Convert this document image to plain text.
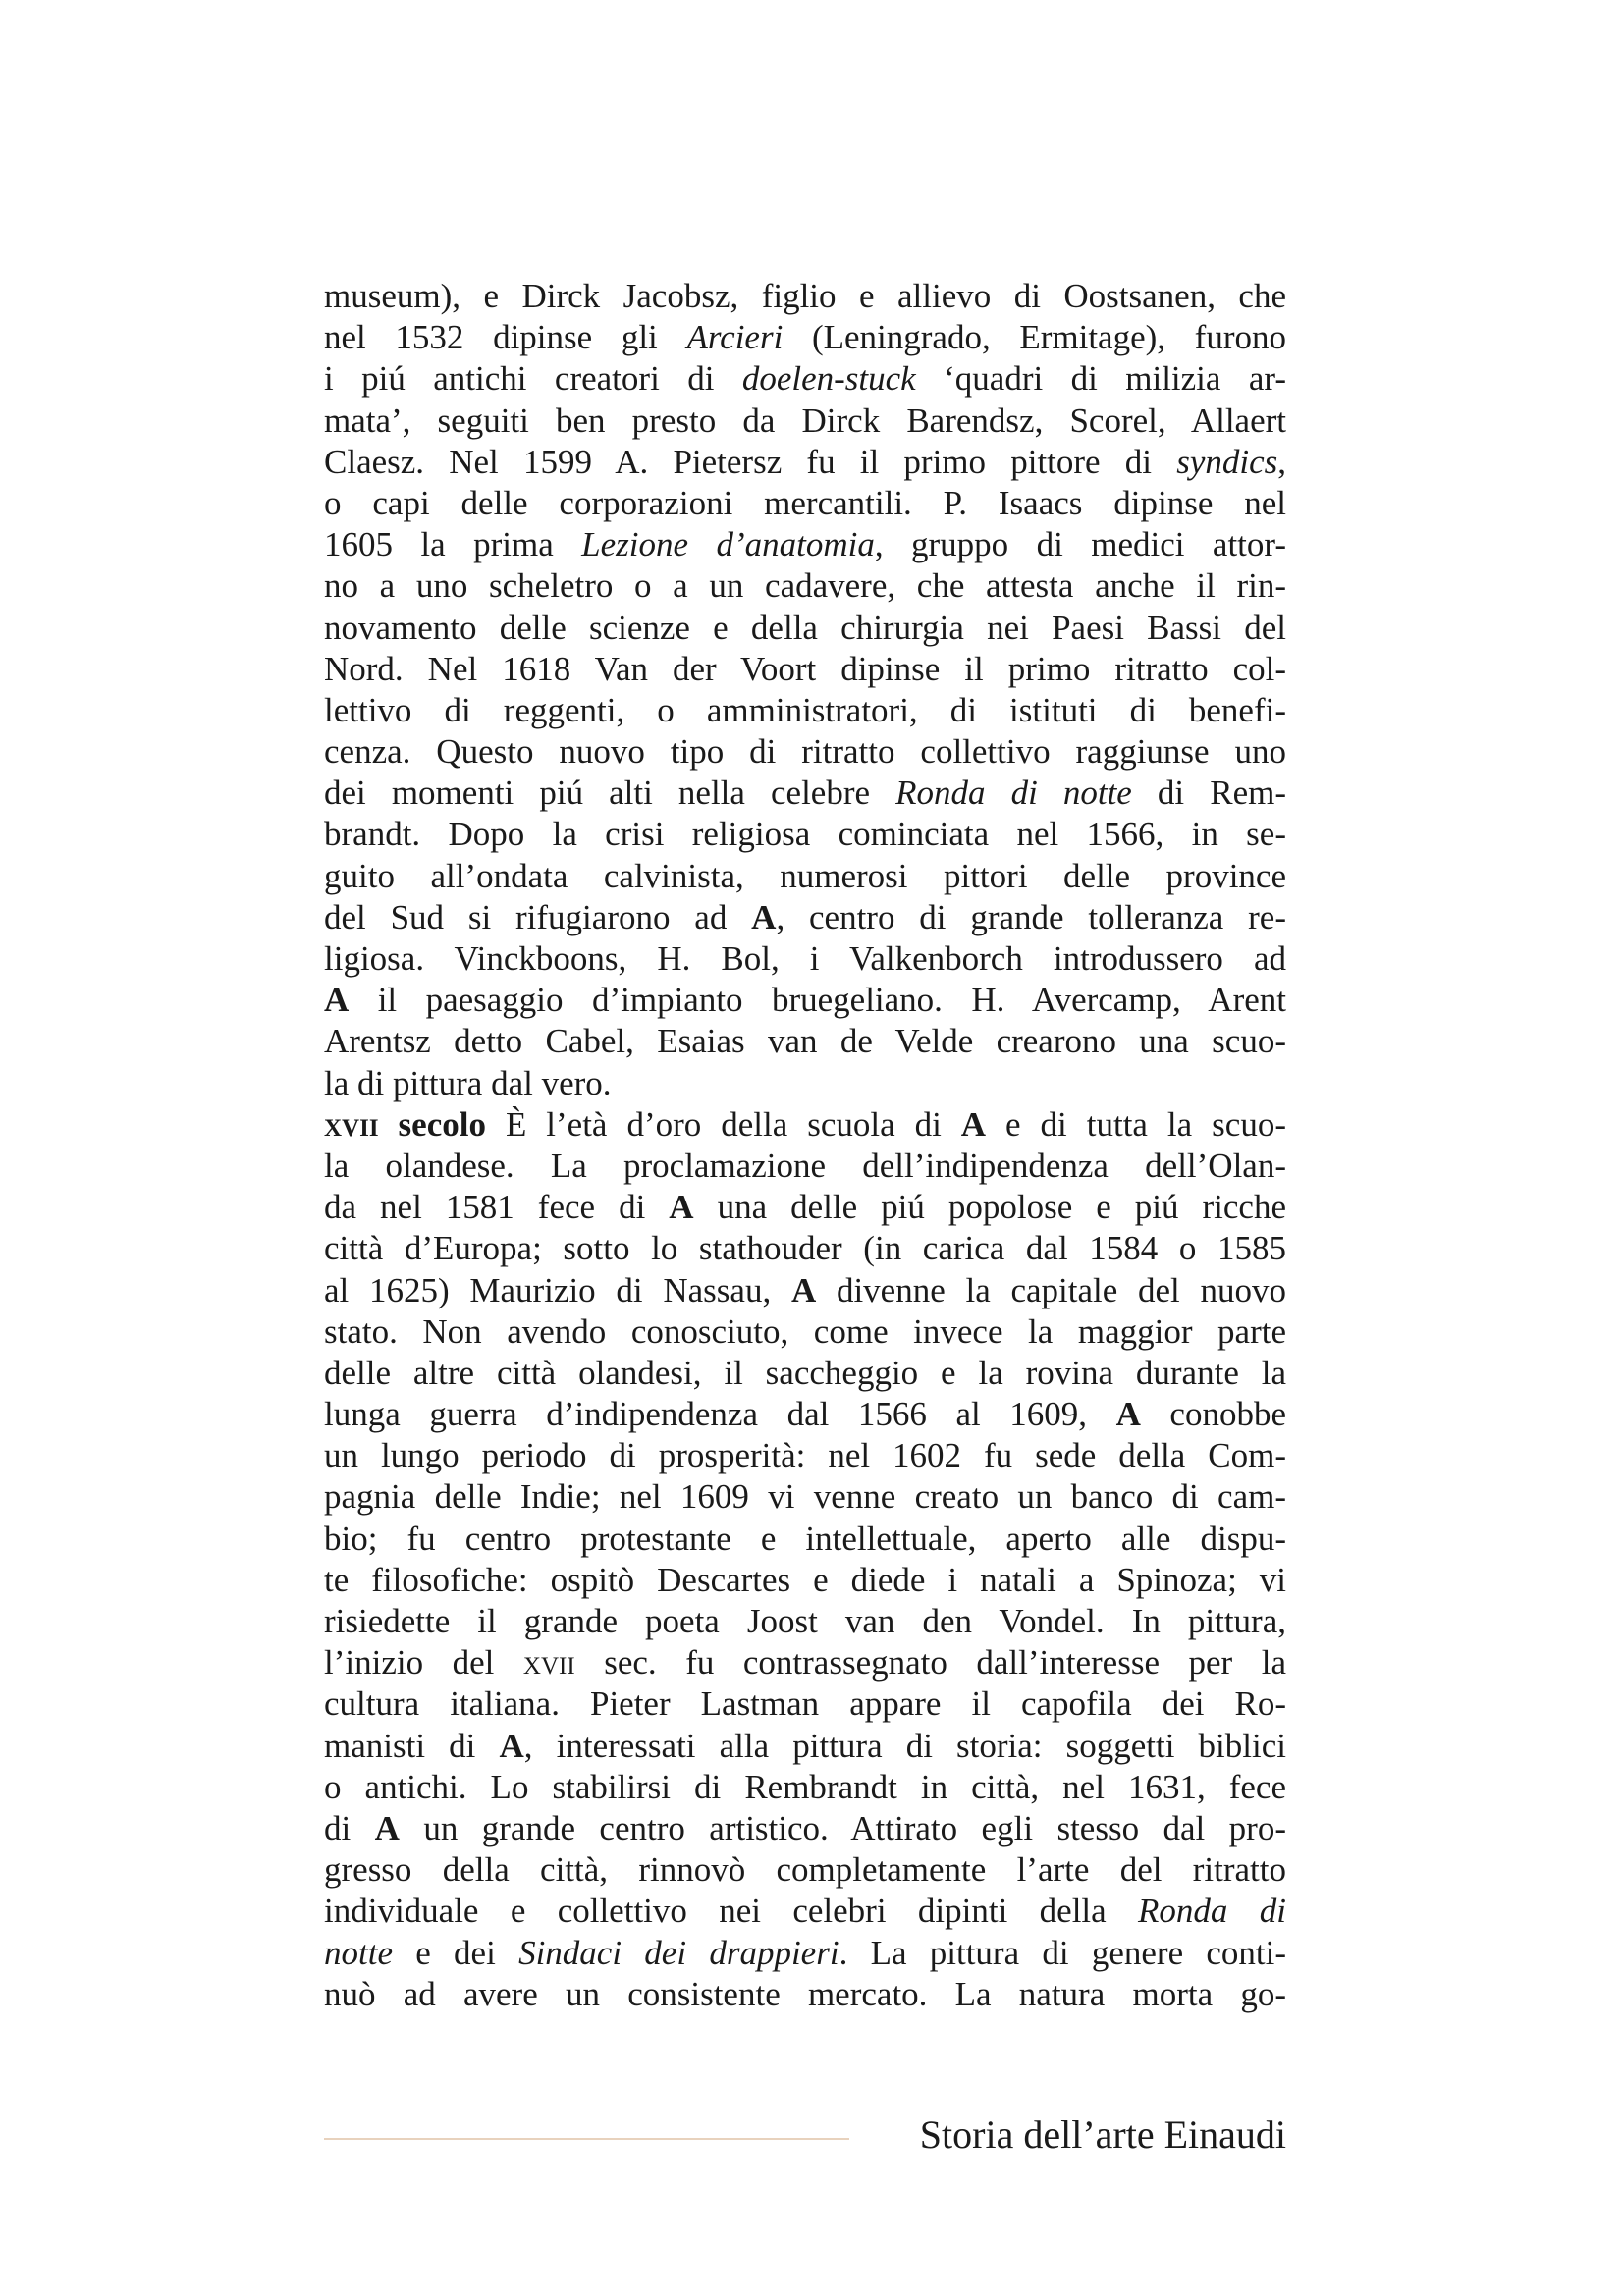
museum), e Dirck Jacobsz, figlio e allievo di Oostsanen, che
nel 1532 dipinse gli Arcieri (Leningrado, Ermitage), furono
i piú antichi creatori di doelen-stuck ‘quadri di milizia ar-
mata’, seguiti ben presto da Dirck Barendsz, Scorel, Allaert
Claesz. Nel 1599 A. Pietersz fu il primo pittore di syndics,
o capi delle corporazioni mercantili. P. Isaacs dipinse nel
1605 la prima Lezione d’anatomia, gruppo di medici attor-
no a uno scheletro o a un cadavere, che attesta anche il rin-
novamento delle scienze e della chirurgia nei Paesi Bassi del
Nord. Nel 1618 Van der Voort dipinse il primo ritratto col-
lettivo di reggenti, o amministratori, di istituti di benefi-
cenza. Questo nuovo tipo di ritratto collettivo raggiunse uno
dei momenti piú alti nella celebre Ronda di notte di Rem-
brandt. Dopo la crisi religiosa cominciata nel 1566, in se-
guito all’ondata calvinista, numerosi pittori delle province
del Sud si rifugiarono ad A, centro di grande tolleranza re-
ligiosa. Vinckboons, H. Bol, i Valkenborch introdussero ad
A il paesaggio d’impianto bruegeliano. H. Avercamp, Arent
Arentsz detto Cabel, Esaias van de Velde crearono una scuo-
la di pittura dal vero.
xvii secolo È l’età d’oro della scuola di A e di tutta la scuo-
la olandese. La proclamazione dell’indipendenza dell’Olan-
da nel 1581 fece di A una delle piú popolose e piú ricche
città d’Europa; sotto lo stathouder (in carica dal 1584 o 1585
al 1625) Maurizio di Nassau, A divenne la capitale del nuovo
stato. Non avendo conosciuto, come invece la maggior parte
delle altre città olandesi, il saccheggio e la rovina durante la
lunga guerra d’indipendenza dal 1566 al 1609, A conobbe
un lungo periodo di prosperità: nel 1602 fu sede della Com-
pagnia delle Indie; nel 1609 vi venne creato un banco di cam-
bio; fu centro protestante e intellettuale, aperto alle dispu-
te filosofiche: ospitò Descartes e diede i natali a Spinoza; vi
risiedette il grande poeta Joost van den Vondel. In pittura,
l’inizio del xvii sec. fu contrassegnato dall’interesse per la
cultura italiana. Pieter Lastman appare il capofila dei Ro-
manisti di A, interessati alla pittura di storia: soggetti biblici
o antichi. Lo stabilirsi di Rembrandt in città, nel 1631, fece
di A un grande centro artistico. Attirato egli stesso dal pro-
gresso della città, rinnovò completamente l’arte del ritratto
individuale e collettivo nei celebri dipinti della Ronda di
notte e dei Sindaci dei drappieri. La pittura di genere conti-
nuò ad avere un consistente mercato. La natura morta go-
Storia dell’arte Einaudi
